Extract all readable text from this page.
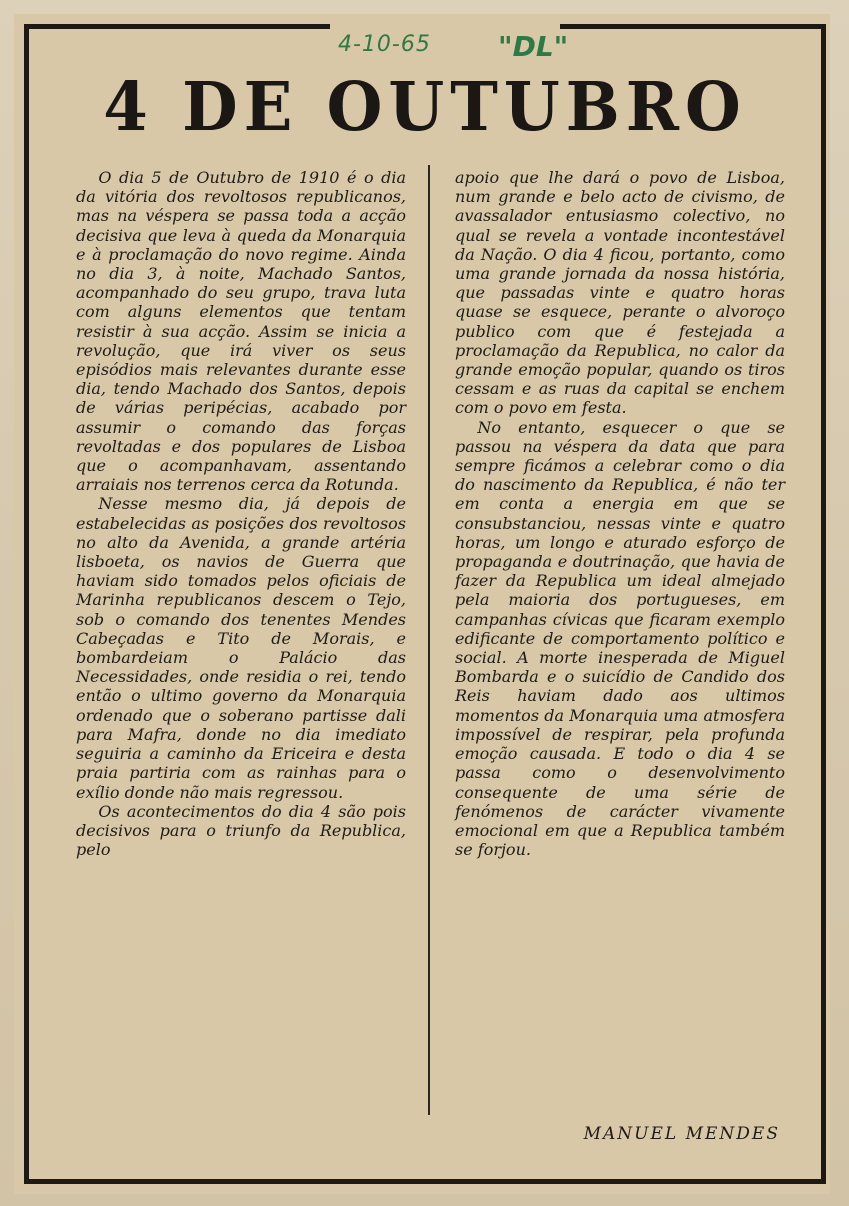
4-10-65 "DL"
4 DE OUTUBRO

O dia 5 de Outubro de 1910 é o dia da vitória dos revoltosos republicanos, mas na véspera se passa toda a acção decisiva que leva à queda da Monarquia e à proclamação do novo regime. Ainda no dia 3, à noite, Machado Santos, acompanhado do seu grupo, trava luta com alguns elementos que tentam resistir à sua acção. Assim se inicia a revolução, que irá viver os seus episódios mais relevantes durante esse dia, tendo Machado dos Santos, depois de várias peripécias, acabado por assumir o comando das forças revoltadas e dos populares de Lisboa que o acompanhavam, assentando arraiais nos terrenos cerca da Rotunda.

Nesse mesmo dia, já depois de estabelecidas as posições dos revoltosos no alto da Avenida, a grande artéria lisboeta, os navios de Guerra que haviam sido tomados pelos oficiais de Marinha republicanos descem o Tejo, sob o comando dos tenentes Mendes Cabeçadas e Tito de Morais, e bombardeiam o Palácio das Necessidades, onde residia o rei, tendo então o ultimo governo da Monarquia ordenado que o soberano partisse dali para Mafra, donde no dia imediato seguiria a caminho da Ericeira e desta praia partiria com as rainhas para o exílio donde não mais regressou.

Os acontecimentos do dia 4 são pois decisivos para o triunfo da Republica, pelo

apoio que lhe dará o povo de Lisboa, num grande e belo acto de civismo, de avassalador entusiasmo colectivo, no qual se revela a vontade incontestável da Nação. O dia 4 ficou, portanto, como uma grande jornada da nossa história, que passadas vinte e quatro horas quase se esquece, perante o alvoroço publico com que é festejada a proclamação da Republica, no calor da grande emoção popular, quando os tiros cessam e as ruas da capital se enchem com o povo em festa.

No entanto, esquecer o que se passou na véspera da data que para sempre ficámos a celebrar como o dia do nascimento da Republica, é não ter em conta a energia em que se consubstanciou, nessas vinte e quatro horas, um longo e aturado esforço de propaganda e doutrinação, que havia de fazer da Republica um ideal almejado pela maioria dos portugueses, em campanhas cívicas que ficaram exemplo edificante de comportamento político e social. A morte inesperada de Miguel Bombarda e o suicídio de Candido dos Reis haviam dado aos ultimos momentos da Monarquia uma atmosfera impossível de respirar, pela profunda emoção causada. E todo o dia 4 se passa como o desenvolvimento consequente de uma série de fenómenos de carácter vivamente emocional em que a Republica também se forjou.

MANUEL MENDES
